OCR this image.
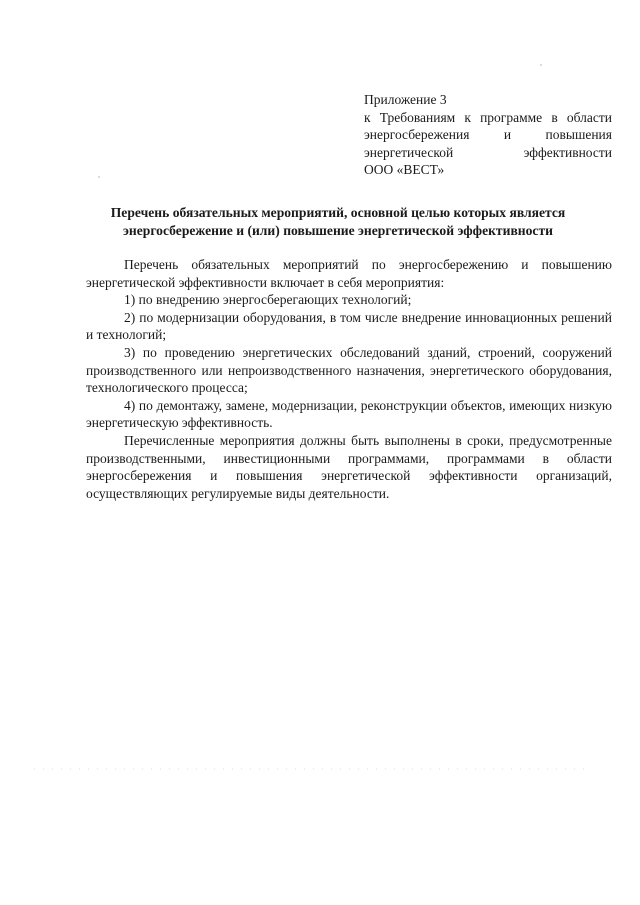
Приложение 3
к Требованиям к программе в области
энергосбережения и повышения
энергетической эффективности
ООО «ВЕСТ»
Перечень обязательных мероприятий, основной целью которых является энергосбережение и (или) повышение энергетической эффективности

Перечень обязательных мероприятий по энергосбережению и повышению энергетической эффективности включает в себя мероприятия:

1) по внедрению энергосберегающих технологий;

2) по модернизации оборудования, в том числе внедрение инновационных решений и технологий;

3) по проведению энергетических обследований зданий, строений, сооружений производственного или непроизводственного назначения, энергетического оборудования, технологического процесса;

4) по демонтажу, замене, модернизации, реконструкции объектов, имеющих низкую энергетическую эффективность.

Перечисленные мероприятия должны быть выполнены в сроки, предусмотренные производственными, инвестиционными программами, программами в области энергосбережения и повышения энергетической эффективности организаций, осуществляющих регулируемые виды деятельности.
